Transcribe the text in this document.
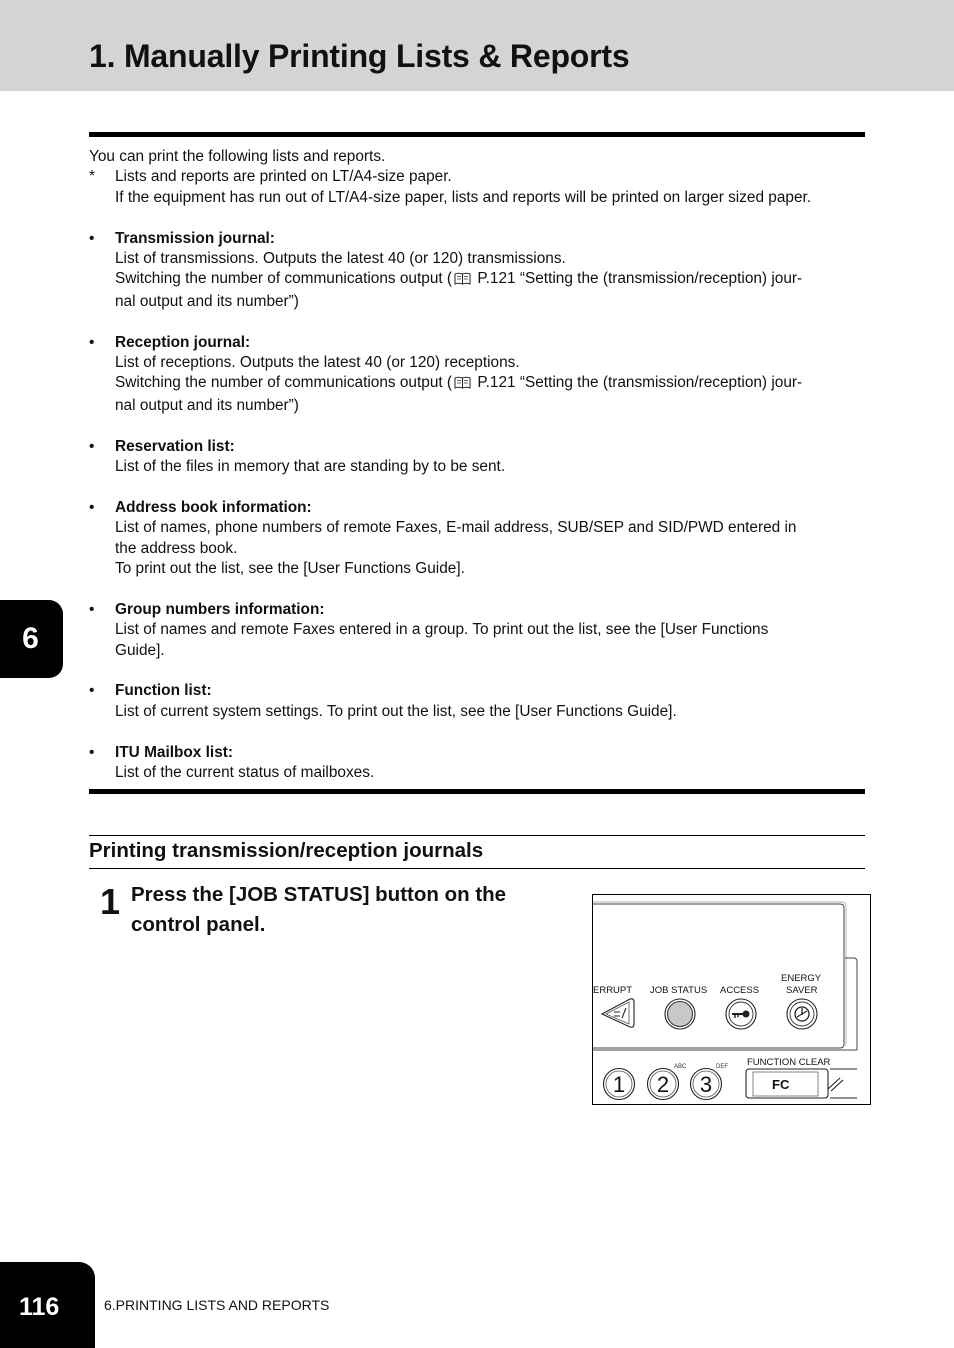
1. Manually Printing Lists & Reports

You can print the following lists and reports.

*	Lists and reports are printed on LT/A4-size paper.

If the equipment has run out of LT/A4-size paper, lists and reports will be printed on larger sized paper.

•	Transmission journal:

List of transmissions. Outputs the latest 40 (or 120) transmissions.

Switching the number of communications output ( P.121 “Setting the (transmission/reception) jour-

nal output and its number”)

•	Reception journal:

List of receptions. Outputs the latest 40 (or 120) receptions.

Switching the number of communications output ( P.121 “Setting the (transmission/reception) jour-

nal output and its number”)

•	Reservation list:

List of the files in memory that are standing by to be sent.

•	Address book information:

List of names, phone numbers of remote Faxes, E-mail address, SUB/SEP and SID/PWD entered in

the address book.

To print out the list, see the [User Functions Guide].

•	Group numbers information:

List of names and remote Faxes entered in a group. To print out the list, see the [User Functions

Guide].

•	Function list:

List of current system settings. To print out the list, see the [User Functions Guide].

•	ITU Mailbox list:

List of the current status of mailboxes.

Printing transmission/reception journals
1 Press the [JOB STATUS] button on the control panel.

ERRUPT JOB STATUS ACCESS
ENERGY
SAVER
FUNCTION CLEAR
FC
1 2
ABC
3
DEF
6
116	6.PRINTING LISTS AND REPORTS
